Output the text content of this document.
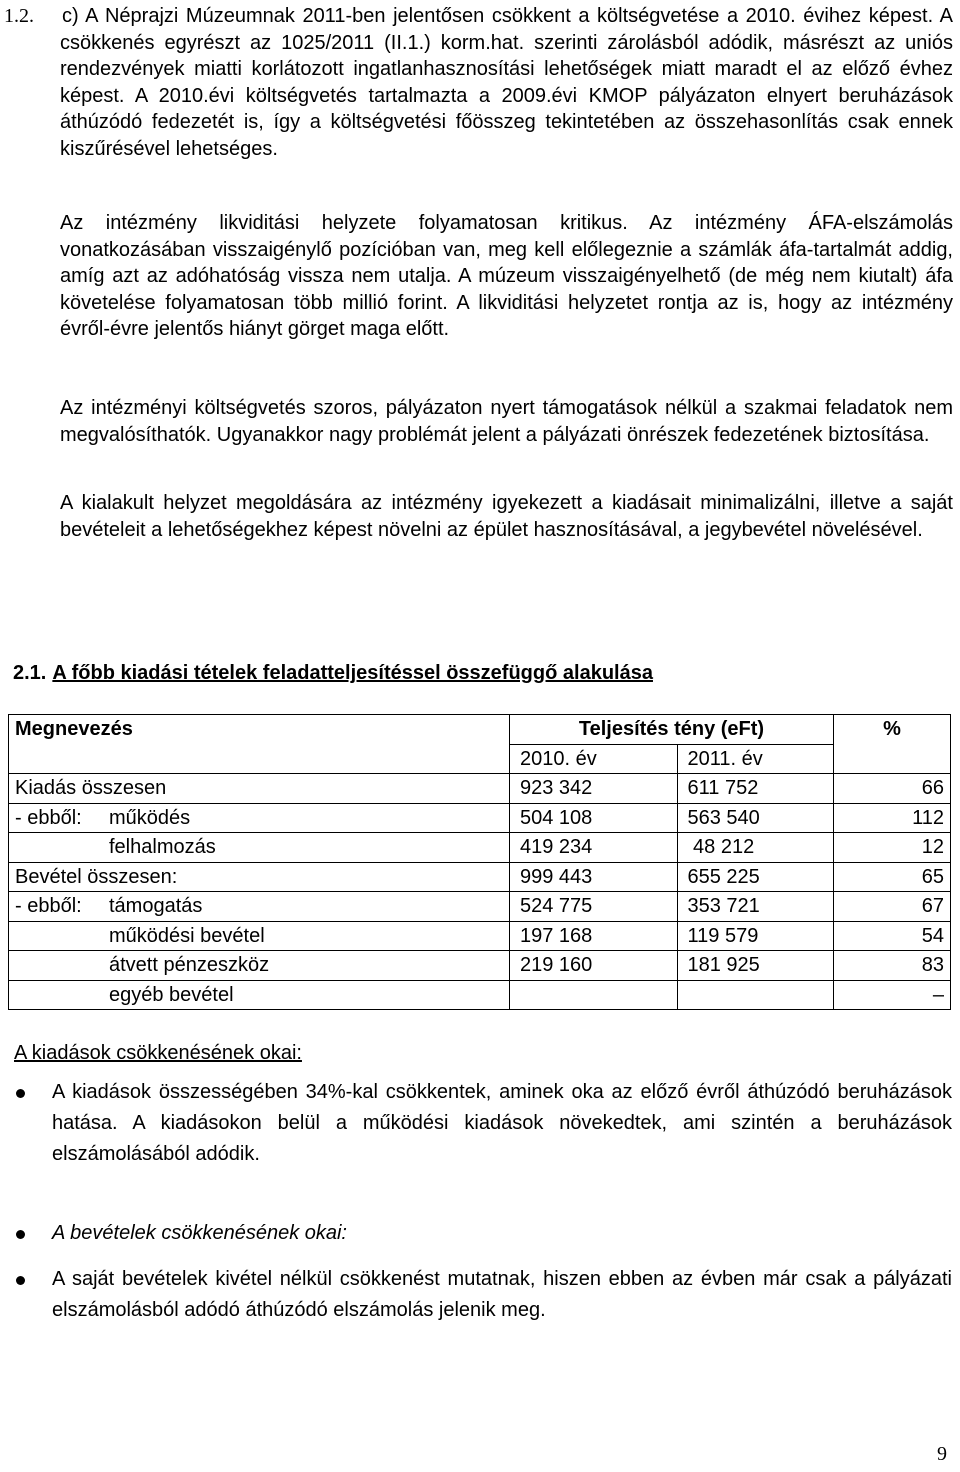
1.2. c) A Néprajzi Múzeumnak 2011-ben jelentősen csökkent a költségvetése a 2010. évihez képest. A csökkenés egyrészt az 1025/2011 (II.1.) korm.hat. szerinti zárolásból adódik, másrészt az uniós rendezvények miatti korlátozott ingatlanhasznosítási lehetőségek miatt maradt el az előző évhez képest. A 2010.évi költségvetés tartalmazta a 2009.évi KMOP pályázaton elnyert beruházások áthúzódó fedezetét is, így a költségvetési főösszeg tekintetében az összehasonlítás csak ennek kiszűrésével lehetséges.
Az intézmény likviditási helyzete folyamatosan kritikus. Az intézmény ÁFA-elszámolás vonatkozásában visszaigénylő pozícióban van, meg kell előlegeznie a számlák áfa-tartalmát addig, amíg azt az adóhatóság vissza nem utalja. A múzeum visszaigényelhető (de még nem kiutalt) áfa követelése folyamatosan több millió forint. A likviditási helyzetet rontja az is, hogy az intézmény évről-évre jelentős hiányt görget maga előtt.
Az intézményi költségvetés szoros, pályázaton nyert támogatások nélkül a szakmai feladatok nem megvalósíthatók. Ugyanakkor nagy problémát jelent a pályázati önrészek fedezetének biztosítása.
A kialakult helyzet megoldására az intézmény igyekezett a kiadásait minimalizálni, illetve a saját bevételeit a lehetőségekhez képest növelni az épület hasznosításával, a jegybevétel növelésével.
2.1. A főbb kiadási tételek feladatteljesítéssel összefüggő alakulása
Megnevezés	Teljesítés tény (eFt)		%
	2010. év	2011. év	
Kiadás összesen	923 342	611 752	66
- ebből: működés	504 108	563 540	112
felhalmozás	419 234	48 212	12
Bevétel összesen:	999 443	655 225	65
- ebből: támogatás	524 775	353 721	67
működési bevétel	197 168	119 579	54
átvett pénzeszköz	219 160	181 925	83
egyéb bevétel			–
A kiadások csökkenésének okai:
A kiadások összességében 34%-kal csökkentek, aminek oka az előző évről áthúzódó beruházások hatása. A kiadásokon belül a működési kiadások növekedtek, ami szintén a beruházások elszámolásából adódik.
A bevételek csökkenésének okai:
A saját bevételek kivétel nélkül csökkenést mutatnak, hiszen ebben az évben már csak a pályázati elszámolásból adódó áthúzódó elszámolás jelenik meg.
9
